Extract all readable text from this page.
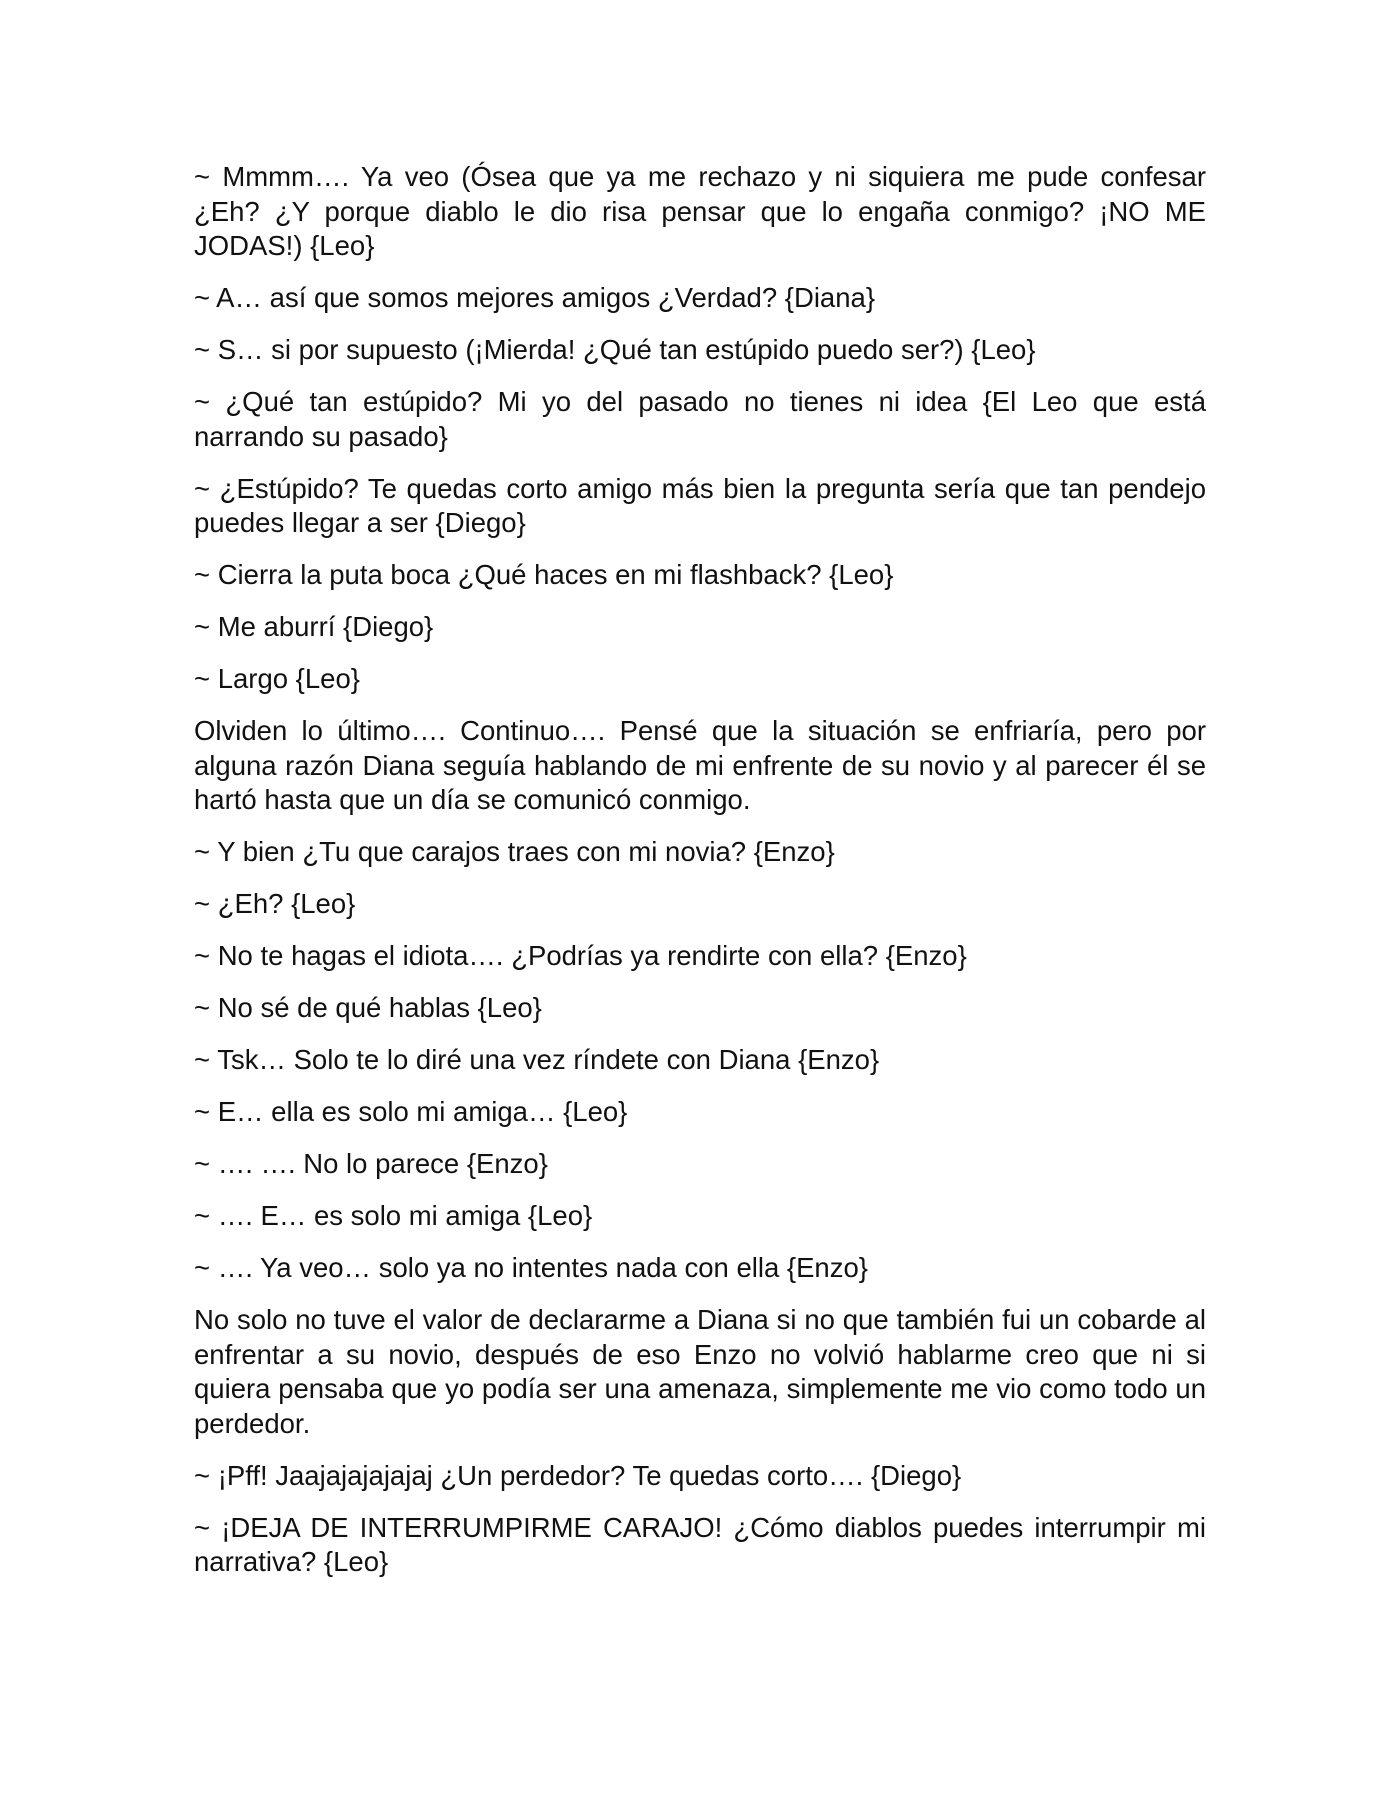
~ Mmmm…. Ya veo (Ósea que ya me rechazo y ni siquiera me pude confesar ¿Eh? ¿Y porque diablo le dio risa pensar que lo engaña conmigo? ¡NO ME JODAS!) {Leo}

~ A… así que somos mejores amigos ¿Verdad? {Diana}

~ S… si por supuesto (¡Mierda! ¿Qué tan estúpido puedo ser?) {Leo}

~ ¿Qué tan estúpido? Mi yo del pasado no tienes ni idea {El Leo que está narrando su pasado}

~ ¿Estúpido? Te quedas corto amigo más bien la pregunta sería que tan pendejo puedes llegar a ser {Diego}

~ Cierra la puta boca ¿Qué haces en mi flashback? {Leo}

~ Me aburrí {Diego}

~ Largo {Leo}

Olviden lo último…. Continuo…. Pensé que la situación se enfriaría, pero por alguna razón Diana seguía hablando de mi enfrente de su novio y al parecer él se hartó hasta que un día se comunicó conmigo.

~ Y bien ¿Tu que carajos traes con mi novia? {Enzo}

~ ¿Eh? {Leo}

~ No te hagas el idiota…. ¿Podrías ya rendirte con ella? {Enzo}

~ No sé de qué hablas {Leo}

~ Tsk… Solo te lo diré una vez ríndete con Diana {Enzo}

~ E… ella es solo mi amiga… {Leo}

~ …. …. No lo parece {Enzo}

~ …. E… es solo mi amiga {Leo}

~ …. Ya veo… solo ya no intentes nada con ella {Enzo}

No solo no tuve el valor de declararme a Diana si no que también fui un cobarde al enfrentar a su novio, después de eso Enzo no volvió hablarme creo que ni si quiera pensaba que yo podía ser una amenaza, simplemente me vio como todo un perdedor.

~ ¡Pff! Jaajajajajajaj ¿Un perdedor? Te quedas corto…. {Diego}

~ ¡DEJA DE INTERRUMPIRME CARAJO! ¿Cómo diablos puedes interrumpir mi narrativa? {Leo}
